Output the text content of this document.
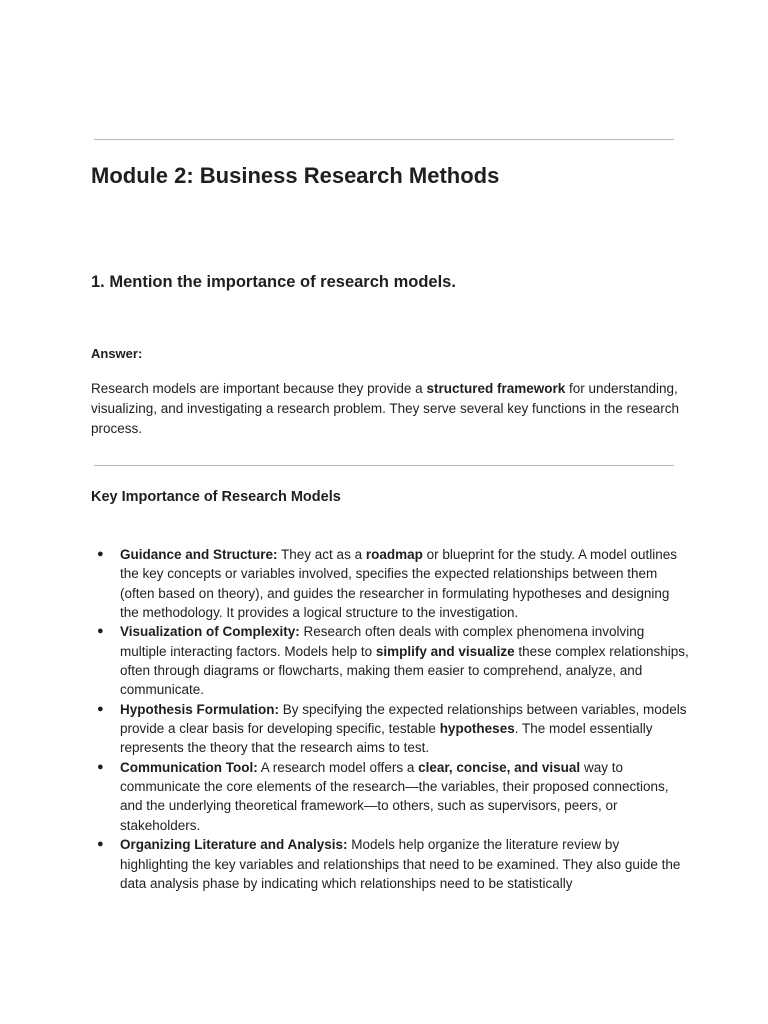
Module 2: Business Research Methods
1. Mention the importance of research models.

Answer:

Research models are important because they provide a structured framework for understanding, visualizing, and investigating a research problem. They serve several key functions in the research process.

Key Importance of Research Models
● Guidance and Structure: They act as a roadmap or blueprint for the study. A model outlines the key concepts or variables involved, specifies the expected relationships between them (often based on theory), and guides the researcher in formulating hypotheses and designing the methodology. It provides a logical structure to the investigation.
● Visualization of Complexity: Research often deals with complex phenomena involving multiple interacting factors. Models help to simplify and visualize these complex relationships, often through diagrams or flowcharts, making them easier to comprehend, analyze, and communicate.
● Hypothesis Formulation: By specifying the expected relationships between variables, models provide a clear basis for developing specific, testable hypotheses. The model essentially represents the theory that the research aims to test.
● Communication Tool: A research model offers a clear, concise, and visual way to communicate the core elements of the research—the variables, their proposed connections, and the underlying theoretical framework—to others, such as supervisors, peers, or stakeholders.
● Organizing Literature and Analysis: Models help organize the literature review by highlighting the key variables and relationships that need to be examined. They also guide the data analysis phase by indicating which relationships need to be statistically
